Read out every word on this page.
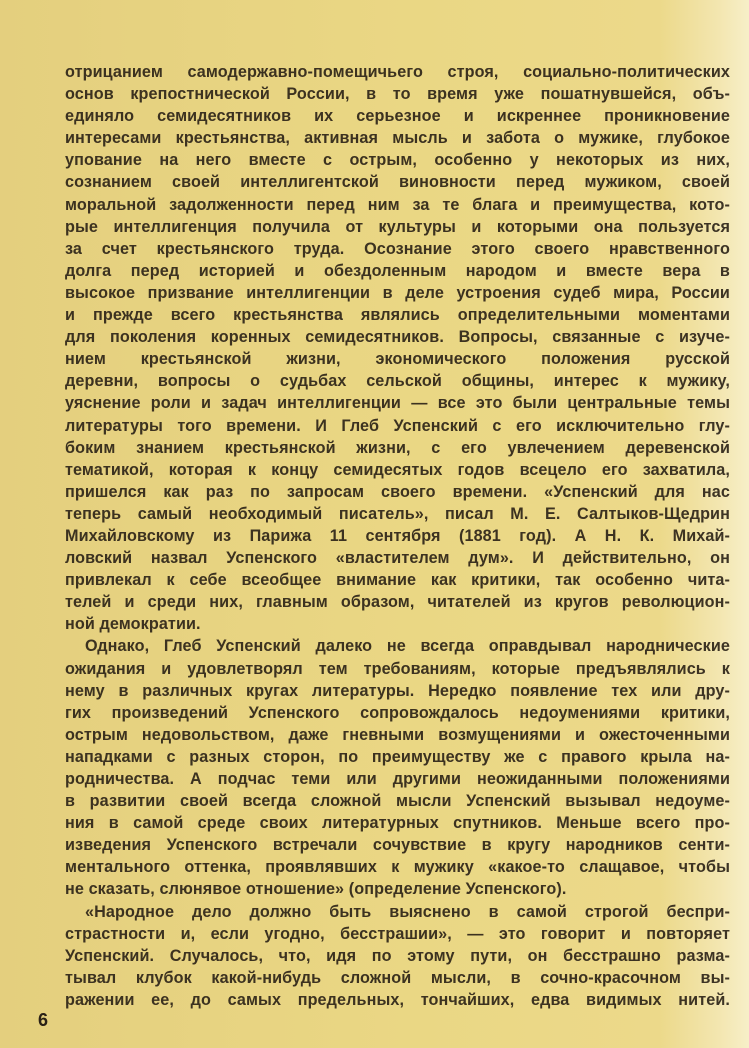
отрицанием самодержавно-помещичьего строя, социально-политических
основ крепостнической России, в то время уже пошатнувшейся, объ-
единяло семидесятников их серьезное и искреннее проникновение
интересами крестьянства, активная мысль и забота о мужике, глубокое
упование на него вместе с острым, особенно у некоторых из них,
сознанием своей интеллигентской виновности перед мужиком, своей
моральной задолженности перед ним за те блага и преимущества, кото-
рые интеллигенция получила от культуры и которыми она пользуется
за счет крестьянского труда. Осознание этого своего нравственного
долга перед историей и обездоленным народом и вместе вера в
высокое призвание интеллигенции в деле устроения судеб мира, России
и прежде всего крестьянства являлись определительными моментами
для поколения коренных семидесятников. Вопросы, связанные с изуче-
нием крестьянской жизни, экономического положения русской
деревни, вопросы о судьбах сельской общины, интерес к мужику,
уяснение роли и задач интеллигенции — все это были центральные темы
литературы того времени. И Глеб Успенский с его исключительно глу-
боким знанием крестьянской жизни, с его увлечением деревенской
тематикой, которая к концу семидесятых годов всецело его захватила,
пришелся как раз по запросам своего времени. «Успенский для нас
теперь самый необходимый писатель», писал М. Е. Салтыков-Щедрин
Михайловскому из Парижа 11 сентября (1881 год). А Н. К. Михай-
ловский назвал Успенского «властителем дум». И действительно, он
привлекал к себе всеобщее внимание как критики, так особенно чита-
телей и среди них, главным образом, читателей из кругов революцион-
ной демократии.
Однако, Глеб Успенский далеко не всегда оправдывал народнические
ожидания и удовлетворял тем требованиям, которые предъявлялись к
нему в различных кругах литературы. Нередко появление тех или дру-
гих произведений Успенского сопровождалось недоумениями критики,
острым недовольством, даже гневными возмущениями и ожесточенными
нападками с разных сторон, по преимуществу же с правого крыла на-
родничества. А подчас теми или другими неожиданными положениями
в развитии своей всегда сложной мысли Успенский вызывал недоуме-
ния в самой среде своих литературных спутников. Меньше всего про-
изведения Успенского встречали сочувствие в кругу народников сенти-
ментального оттенка, проявлявших к мужику «какое-то слащавое, чтобы
не сказать, слюнявое отношение» (определение Успенского).
«Народное дело должно быть выяснено в самой строгой беспри-
страстности и, если угодно, бесстрашии», — это говорит и повторяет
Успенский. Случалось, что, идя по этому пути, он бесстрашно разма-
тывал клубок какой-нибудь сложной мысли, в сочно-красочном вы-
ражении ее, до самых предельных, тончайших, едва видимых нитей.
6
